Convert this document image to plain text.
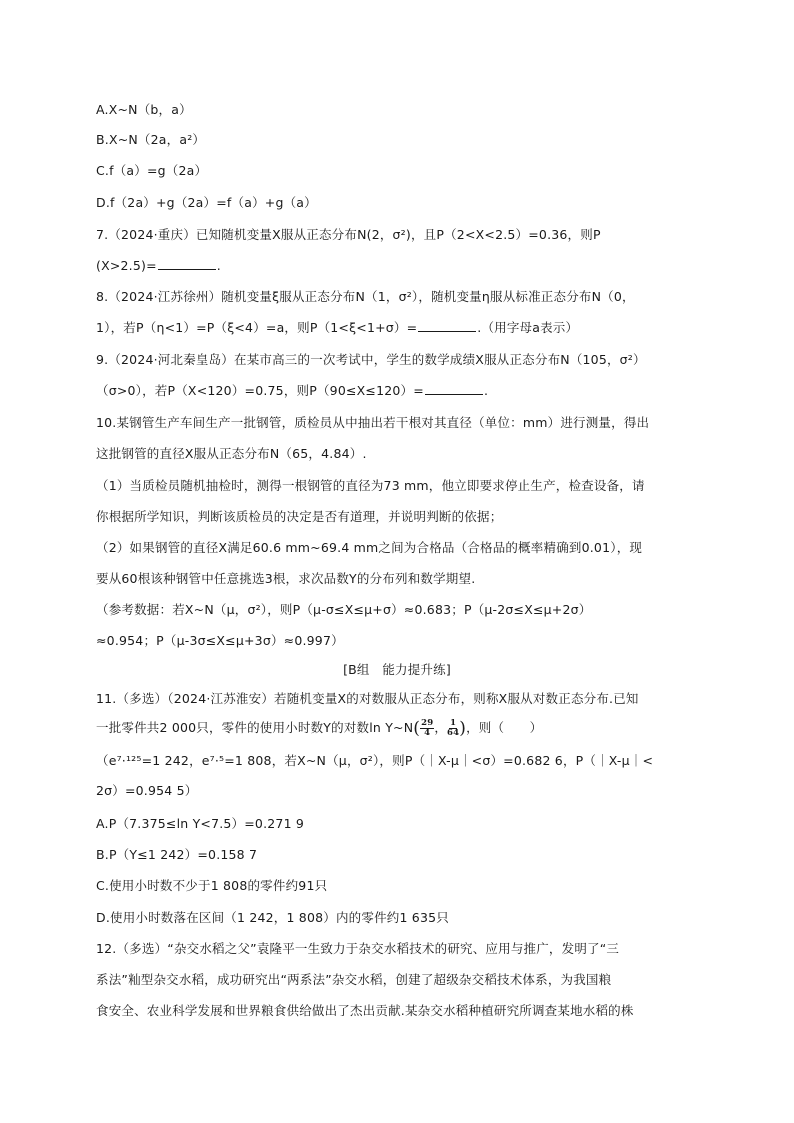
A.X~N（b，a）
B.X~N（2a，a²）
C.f（a）=g（2a）
D.f（2a）+g（2a）=f（a）+g（a）
7.（2024·重庆）已知随机变量X服从正态分布N(2，σ²)，且P（2<X<2.5）=0.36，则P
(X>2.5)=	.
8.（2024·江苏徐州）随机变量ξ服从正态分布N（1，σ²），随机变量η服从标准正态分布N（0，
1），若P（η<1）=P（ξ<4）=a，则P（1<ξ<1+σ）=	.（用字母a表示）
9.（2024·河北秦皇岛）在某市高三的一次考试中，学生的数学成绩X服从正态分布N（105，σ²）
（σ>0），若P（X<120）=0.75，则P（90≤X≤120）=	.
10.某钢管生产车间生产一批钢管，质检员从中抽出若干根对其直径（单位：mm）进行测量，得出
这批钢管的直径X服从正态分布N（65，4.84）.
（1）当质检员随机抽检时，测得一根钢管的直径为73 mm，他立即要求停止生产，检查设备，请
你根据所学知识，判断该质检员的决定是否有道理，并说明判断的依据；
（2）如果钢管的直径X满足60.6 mm~69.4 mm之间为合格品（合格品的概率精确到0.01），现
要从60根该种钢管中任意挑选3根，求次品数Y的分布列和数学期望.
（参考数据：若X~N（μ，σ²），则P（μ-σ≤X≤μ+σ）≈0.683；P（μ-2σ≤X≤μ+2σ）
≈0.954；P（μ-3σ≤X≤μ+3σ）≈0.997）
[B组　能力提升练]
11.（多选）（2024·江苏淮安）若随机变量X的对数服从正态分布，则称X服从对数正态分布.已知
一批零件共2 000只，零件的使用小时数Y的对数ln Y~N( $\frac{29}{4}$ ， $\frac{1}{64}$ )，则（　　）
（e⁷·¹²⁵=1 242，e⁷·⁵=1 808，若X~N（μ，σ²），则P（｜X-μ｜<σ）=0.682 6，P（｜X-μ｜<
2σ）=0.954 5）
A.P（7.375≤ln Y<7.5）=0.271 9
B.P（Y≤1 242）=0.158 7
C.使用小时数不少于1 808的零件约91只
D.使用小时数落在区间（1 242，1 808）内的零件约1 635只
12.（多选）“杂交水稻之父”袁隆平一生致力于杂交水稻技术的研究、应用与推广，发明了“三
系法”籼型杂交水稻，成功研究出“两系法”杂交水稻，创建了超级杂交稻技术体系，为我国粮
食安全、农业科学发展和世界粮食供给做出了杰出贡献.某杂交水稻种植研究所调查某地水稻的株
